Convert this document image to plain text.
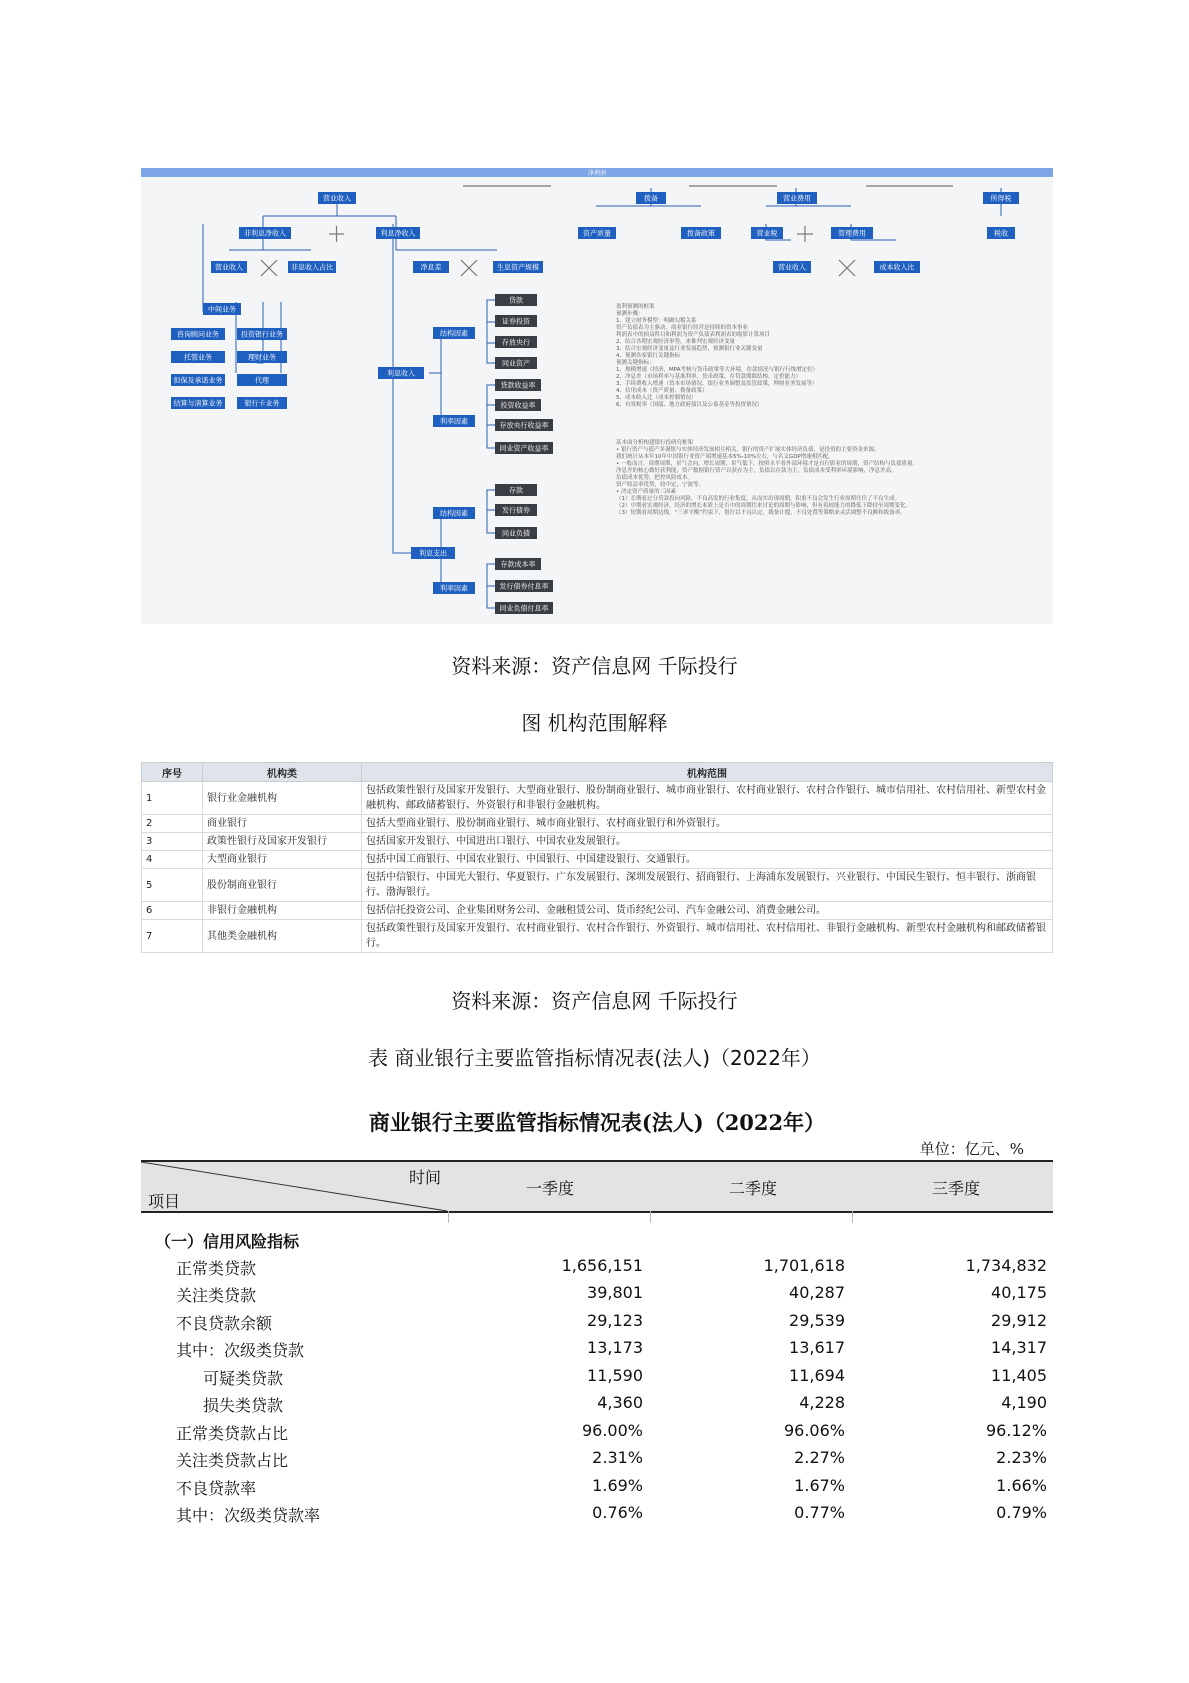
净利润
营业收入
非利息净收入	利息净收入
营业收入	非息收入占比	净息差	生息资产规模
中间业务
咨询顾问业务	投资银行业务
托管业务	理财业务
担保及承诺业务	代理
结算与清算业务	银行卡业务
利息收入
结构因素
利率因素
贷款
证券投资
存放央行
同业资产
贷款收益率
投资收益率
存放央行收益率
同业资产收益率
利息支出
结构因素
利率因素
存款
发行债券
同业负债
存款成本率
发行债券付息率
同业负债付息率
拨备
资产质量	拨备政策
营业费用
营业税	管理费用
营业收入	成本收入比
所得税
税收
盈利预测的框架
预测步骤：
1、建立财务模型：明确勾稽关系
资产负债表为主驱动，商业银行经营是持续的资本事业
利润表中的损益科目和利润为资产负债表利润表的缩影计算项目
2、结合各期宏观经济形势，来推判宏观经济变量
3、结合宏观经济变量及行业发展趋势，预测银行业关键变量
4、预测各家银行关键指标
预测关键指标：
1、规模增速（经济、MPA考核与货币政策等大环境，存款情况与银行行线增定位）
2、净息差（市场利率与基准利率、货币政策、存贷款期限结构、定价能力）
3、手续费收入增速（资本市场情况、银行业务调整及监管政策，理财业务发展等）
4、信用成本（资产质量、拨备政策）
5、成本收入比（成本控制情况）
6、有效税率（国债、地方政府债以及公募基金等投资情况）
基本面分析构建银行投研究框架
• 银行资产与债产多谨慎与实体经济发展相互相关，银行的资产扩展实体经济负债，是投资的主要资金来源。
我们统计从本年10年中国银行业资产端增速基本5%-10%左右，与名义GDP增速相匹配。
• 一般而言，周期周期，景气会向，增长周期，景气低下，按照水平看外部环境才是自行影业的周期，资产结构与负债质量。
净息差的核心做好获利能，资产数据银行资产以获存为主，负债以存款为主。负债成本受利率环境影响，净息差高。
负债成本优势，把控风险成本。
资产收益率优势，较中定，宁波等。
• 决定资产质量的三因素
（1）长期看过分贷款投向风险，不良高发的行业集度，从而实出现周期，积重不良会发生行业周期往往了不良生成。
（2）中期看宏观经济。经济的增长本质上是否中的周期往来讨论的周期与影响，但有着较能力的降低下降持至周期变化。
（3）短期看周期边线，“三率平衡”约束下，银行以不良认定，拨备计提，不良处置等策略来灵活调整不良额和拨备率。
资料来源：资产信息网 千际投行
图 机构范围解释
序号	机构类	机构范围
1	银行业金融机构	包括政策性银行及国家开发银行、大型商业银行、股份制商业银行、城市商业银行、农村商业银行、农村合作银行、城市信用社、农村信用社、新型农村金融机构、邮政储蓄银行、外资银行和非银行金融机构。
2	商业银行	包括大型商业银行、股份制商业银行、城市商业银行、农村商业银行和外资银行。
3	政策性银行及国家开发银行	包括国家开发银行、中国进出口银行、中国农业发展银行。
4	大型商业银行	包括中国工商银行、中国农业银行、中国银行、中国建设银行、交通银行。
5	股份制商业银行	包括中信银行、中国光大银行、华夏银行、广东发展银行、深圳发展银行、招商银行、上海浦东发展银行、兴业银行、中国民生银行、恒丰银行、浙商银行、渤海银行。
6	非银行金融机构	包括信托投资公司、企业集团财务公司、金融租赁公司、货币经纪公司、汽车金融公司、消费金融公司。
7	其他类金融机构	包括政策性银行及国家开发银行、农村商业银行、农村合作银行、外资银行、城市信用社、农村信用社、非银行金融机构、新型农村金融机构和邮政储蓄银行。
资料来源：资产信息网 千际投行
表 商业银行主要监管指标情况表(法人)（2022年）
商业银行主要监管指标情况表(法人)（2022年）
单位：亿元、%
时间
项目
一季度	二季度	三季度
（一）信用风险指标
正常类贷款	1,656,151	1,701,618	1,734,832
关注类贷款	39,801	40,287	40,175
不良贷款余额	29,123	29,539	29,912
其中：次级类贷款	13,173	13,617	14,317
可疑类贷款	11,590	11,694	11,405
损失类贷款	4,360	4,228	4,190
正常类贷款占比	96.00%	96.06%	96.12%
关注类贷款占比	2.31%	2.27%	2.23%
不良贷款率	1.69%	1.67%	1.66%
其中：次级类贷款率	0.76%	0.77%	0.79%
